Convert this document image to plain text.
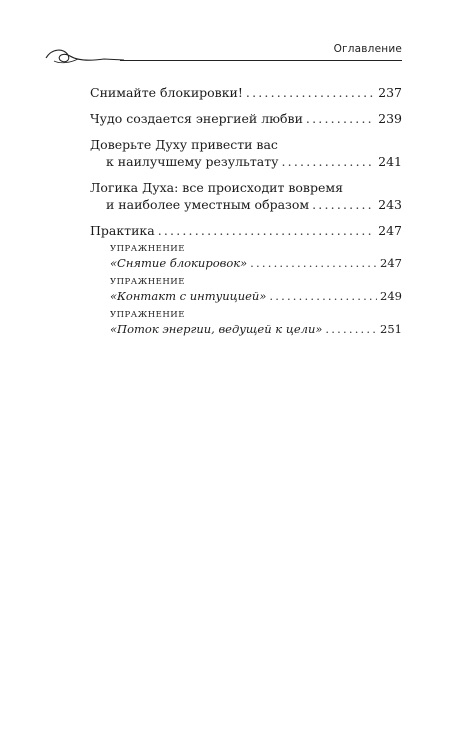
Оглавление
Снимайте блокировки! .....	237
Чудо создается энергией любви .....	239
Доверьте Духу привести вас
к наилучшему результату .....	241
Логика Духа: все происходит вовремя
и наиболее уместным образом .....	243
Практика .....	247
УПРАЖНЕНИЕ
«Снятие блокировок» .....	247
УПРАЖНЕНИЕ
«Контакт с интуицией» .....	249
УПРАЖНЕНИЕ
«Поток энергии, ведущей к цели» .....	251
